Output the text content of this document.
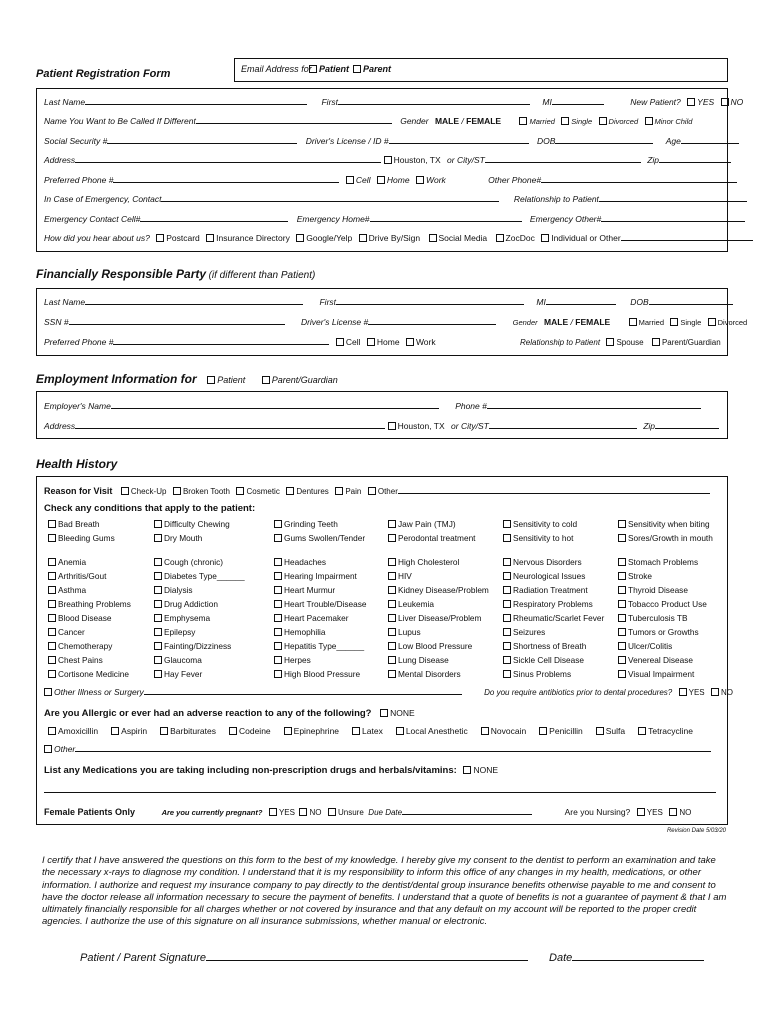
Patient Registration Form	Email Address for Patient	Parent
Last Name	First	MI	New Patient? YES NO
Name You Want to Be Called If Different	Gender MALE / FEMALE	Married Single Divorced Minor Child
Social Security #	Driver's License / ID #	DOB	Age
Address	Houston, TX or City/ST	Zip
Preferred Phone #	Cell Home Work	Other Phone#
In Case of Emergency, Contact	Relationship to Patient
Emergency Contact Cell#	Emergency Home#	Emergency Other#
How did you hear about us? Postcard Insurance Directory Google/Yelp Drive By/Sign Social Media ZocDoc Individual or Other
Financially Responsible Party (if different than Patient)
Last Name	First	MI	DOB
SSN #	Driver's License #	Gender MALE / FEMALE	Married Single Divorced
Preferred Phone #	Cell Home Work	Relationship to Patient Spouse Parent/Guardian
Employment Information for Patient	Parent/Guardian
Employer's Name	Phone #
Address	Houston, TX or City/ST	Zip
Health History
Reason for Visit Check-Up Broken Tooth Cosmetic Dentures Pain Other
Check any conditions that apply to the patient:
Bad Breath	Difficulty Chewing	Grinding Teeth	Jaw Pain (TMJ)	Sensitivity to cold	Sensitivity when biting
Bleeding Gums	Dry Mouth	Gums Swollen/Tender	Perodontal treatment	Sensitivity to hot	Sores/Growth in mouth
Anemia	Cough (chronic)	Headaches	High Cholesterol	Nervous Disorders	Stomach Problems
Arthritis/Gout	Diabetes Type______	Hearing Impairment	HIV	Neurological Issues	Stroke
Asthma	Dialysis	Heart Murmur	Kidney Disease/Problem	Radiation Treatment	Thyroid Disease
Breathing Problems	Drug Addiction	Heart Trouble/Disease	Leukemia	Respiratory Problems	Tobacco Product Use
Blood Disease	Emphysema	Heart Pacemaker	Liver Disease/Problem	Rheumatic/Scarlet Fever	Tuberculosis TB
Cancer	Epilepsy	Hemophilia	Lupus	Seizures	Tumors or Growths
Chemotherapy	Fainting/Dizziness	Hepatitis Type______	Low Blood Pressure	Shortness of Breath	Ulcer/Colitis
Chest Pains	Glaucoma	Herpes	Lung Disease	Sickle Cell Disease	Venereal Disease
Cortisone Medicine	Hay Fever	High Blood Pressure	Mental Disorders	Sinus Problems	Visual Impairment
Other Illness or Surgery	Do you require antibiotics prior to dental procedures? YES NO
Are you Allergic or ever had an adverse reaction to any of the following? NONE
Amoxicillin	Aspirin	Barbiturates	Codeine	Epinephrine	Latex	Local Anesthetic	Novocain	Penicillin	Sulfa	Tetracycline
Other
List any Medications you are taking including non-prescription drugs and herbals/vitamins: NONE
Female Patients Only	Are you currently pregnant? YES NO Unsure Due Date	Are you Nursing? YES NO
Revision Date 5/03/20
I certify that I have answered the questions on this form to the best of my knowledge. I hereby give my consent to the dentist to perform an examination and take the necessary x-rays to diagnose my condition. I understand that it is my responsibility to inform this office of any changes in my health, medications, or other information. I authorize and request my insurance company to pay directly to the dentist/dental group insurance benefits otherwise payable to me and consent to have the doctor release all information necessary to secure the payment of benefits. I understand that a quote of benefits is not a guarantee of payment & that I am ultimately financially responsible for all charges whether or not covered by insurance and that any default on my account will be reported to the proper credit agencies. I authorize the use of this signature on all insurance submissions, whether manual or electronic.
Patient / Parent Signature	Date
